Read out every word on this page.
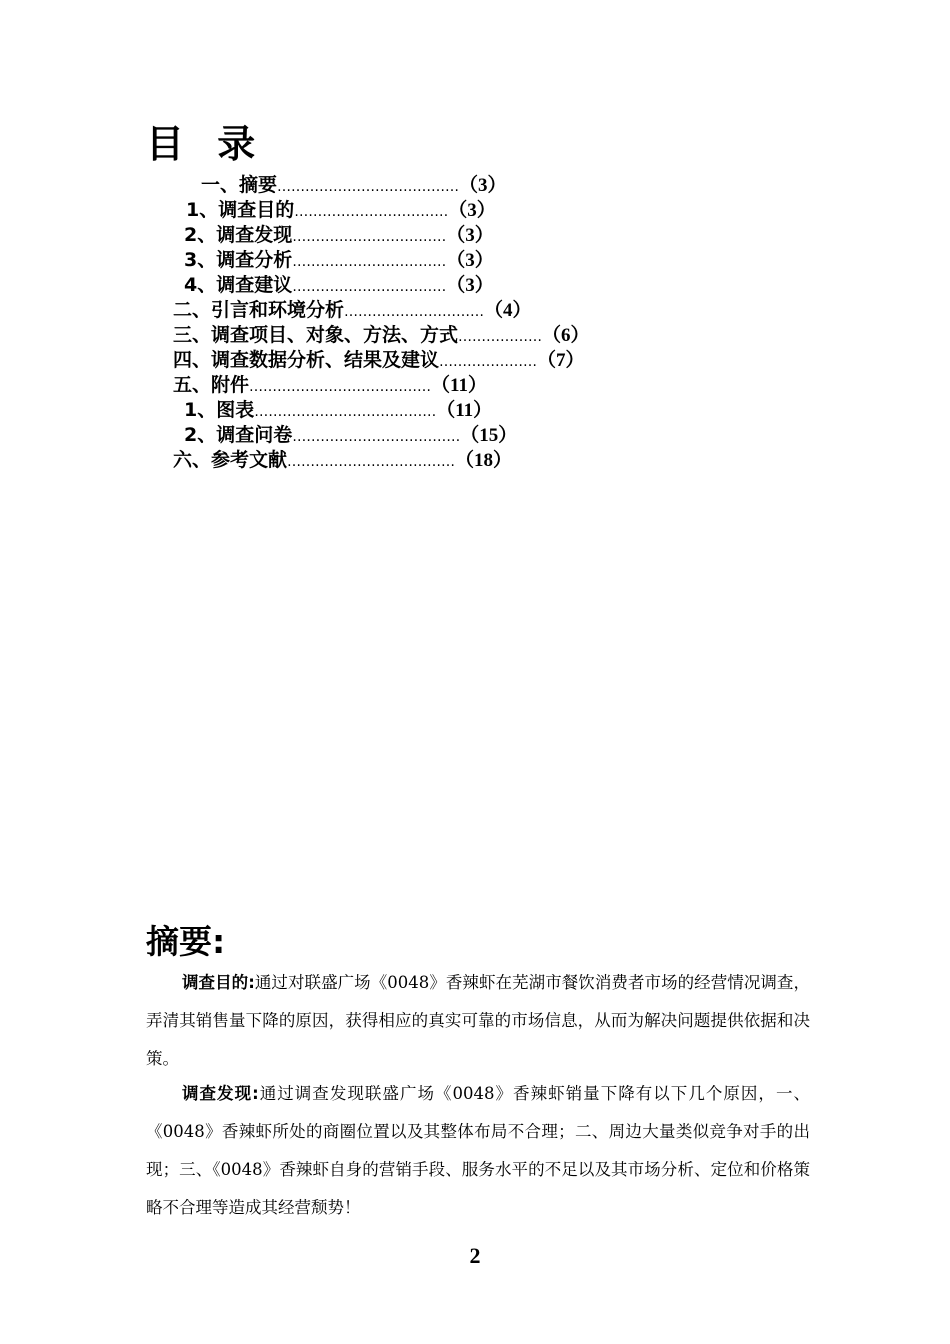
目 录
一、摘要…………………………………（3）
1、调查目的……………………………（3）
2、调查发现……………………………（3）
3、调查分析……………………………（3）
4、调查建议……………………………（3）
二、引言和环境分析…………………………（4）
三、调查项目、对象、方法、方式………………（6）
四、调查数据分析、结果及建议…………………（7）
五、附件…………………………………（11）
1、图表…………………………………（11）
2、调查问卷………………………………（15）
六、参考文献………………………………（18）
摘要:

调查目的:通过对联盛广场《0048》香辣虾在芜湖市餐饮消费者市场的经营情况调查，弄清其销售量下降的原因，获得相应的真实可靠的市场信息，从而为解决问题提供依据和决策。

调查发现:通过调查发现联盛广场《0048》香辣虾销量下降有以下几个原因，一、《0048》香辣虾所处的商圈位置以及其整体布局不合理；二、周边大量类似竞争对手的出现；三、《0048》香辣虾自身的营销手段、服务水平的不足以及其市场分析、定位和价格策略不合理等造成其经营颓势！

2
